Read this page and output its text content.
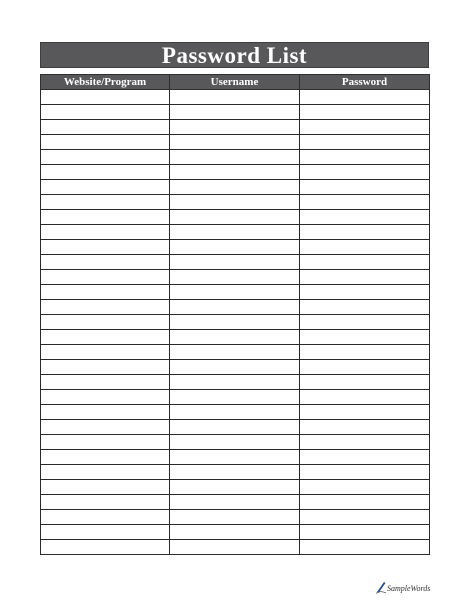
Password List
Website/Program	Username	Password

SampleWords
